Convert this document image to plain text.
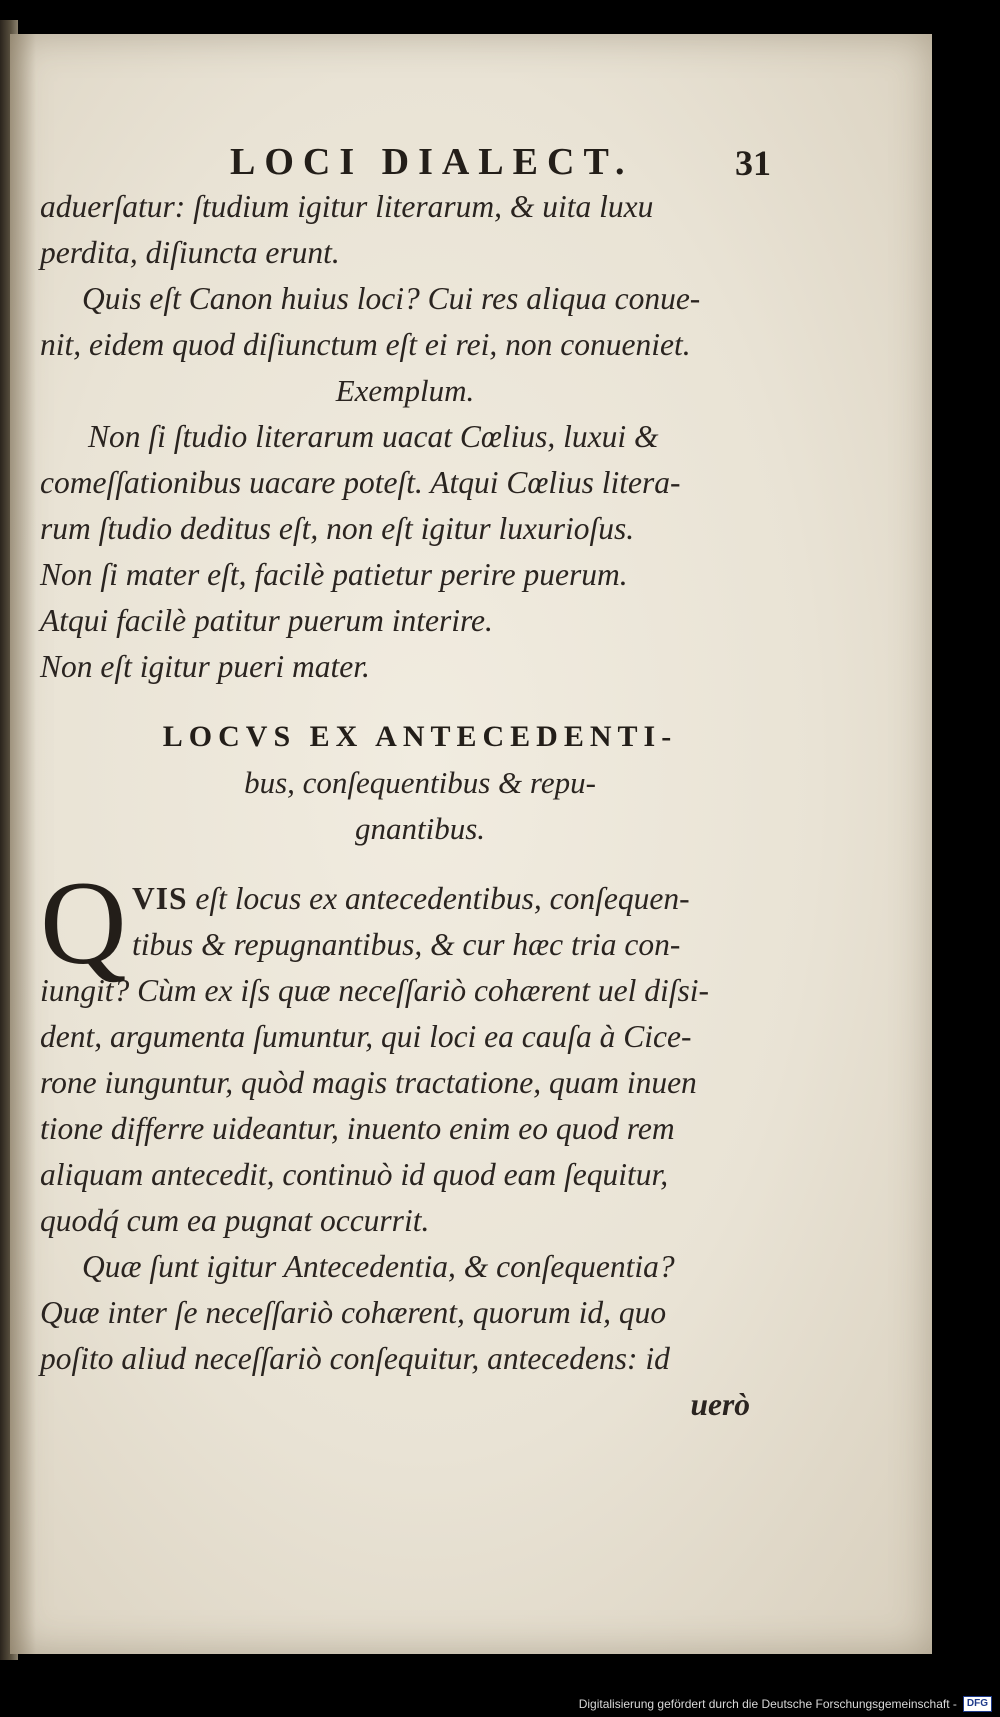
LOCI DIALECT.	31
aduerſatur: ſtudium igitur literarum, & uita luxu
perdita, diſiuncta erunt.
Quis eſt Canon huius loci? Cui res aliqua conue-
nit, eidem quod diſiunctum eſt ei rei, non conueniet.
Exemplum.
Non ſi ſtudio literarum uacat Cœlius, luxui &
comeſſationibus uacare poteſt. Atqui Cœlius litera-
rum ſtudio deditus eſt, non eſt igitur luxurioſus.
Non ſi mater eſt, facilè patietur perire puerum.
Atqui facilè patitur puerum interire.
Non eſt igitur pueri mater.
LOCVS EX ANTECEDENTI-
bus, conſequentibus & repu-
gnantibus.
Q VIS eſt locus ex antecedentibus, conſequen-
tibus & repugnantibus, & cur hæc tria con-
iungit? Cùm ex iſs quæ neceſſariò cohærent uel diſsi-
dent, argumenta ſumuntur, qui loci ea cauſa à Cice-
rone iunguntur, quòd magis tractatione, quam inuen
tione differre uideantur, inuento enim eo quod rem
aliquam antecedit, continuò id quod eam ſequitur,
quodq́ cum ea pugnat occurrit.
Quæ ſunt igitur Antecedentia, & conſequentia?
Quæ inter ſe neceſſariò cohærent, quorum id, quo
poſito aliud neceſſariò conſequitur, antecedens: id
uerò
Digitalisierung gefördert durch die Deutsche Forschungsgemeinschaft - DFG
